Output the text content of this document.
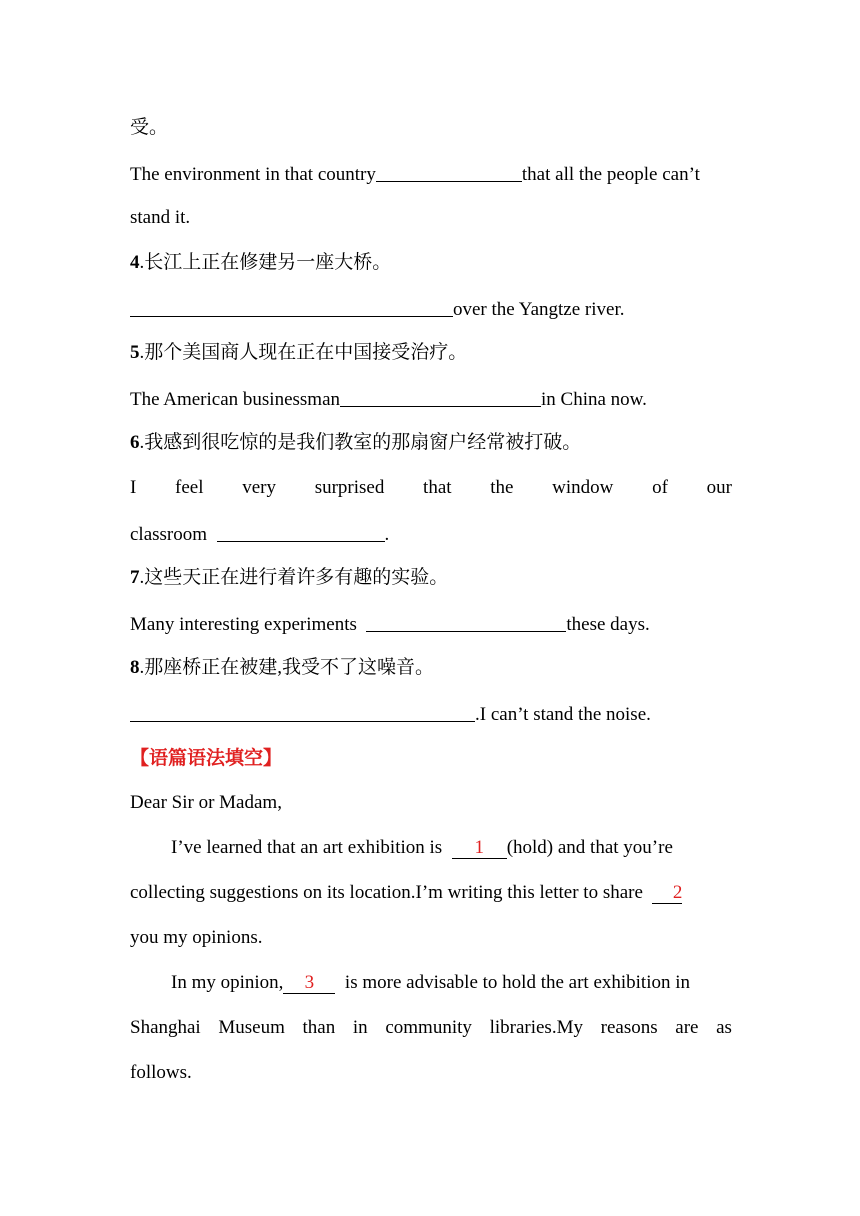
受。
The environment in that country	that all the people can’t
stand it.
4.长江上正在修建另一座大桥。
over the Yangtze river.
5.那个美国商人现在正在中国接受治疗。
The American businessman	in China now.
6.我感到很吃惊的是我们教室的那扇窗户经常被打破。
I feel very surprised that the window of our
classroom	.
7.这些天正在进行着许多有趣的实验。
Many interesting experiments	these days.
8.那座桥正在被建,我受不了这噪音。
.I can’t stand the noise.
【语篇语法填空】
Dear Sir or Madam,
I’ve learned that an art exhibition is 1 (hold) and that you’re
collecting suggestions on its location.I’m writing this letter to share 2
you my opinions.
In my opinion, 3 is more advisable to hold the art exhibition in
Shanghai Museum than in community libraries.My reasons are as
follows.
